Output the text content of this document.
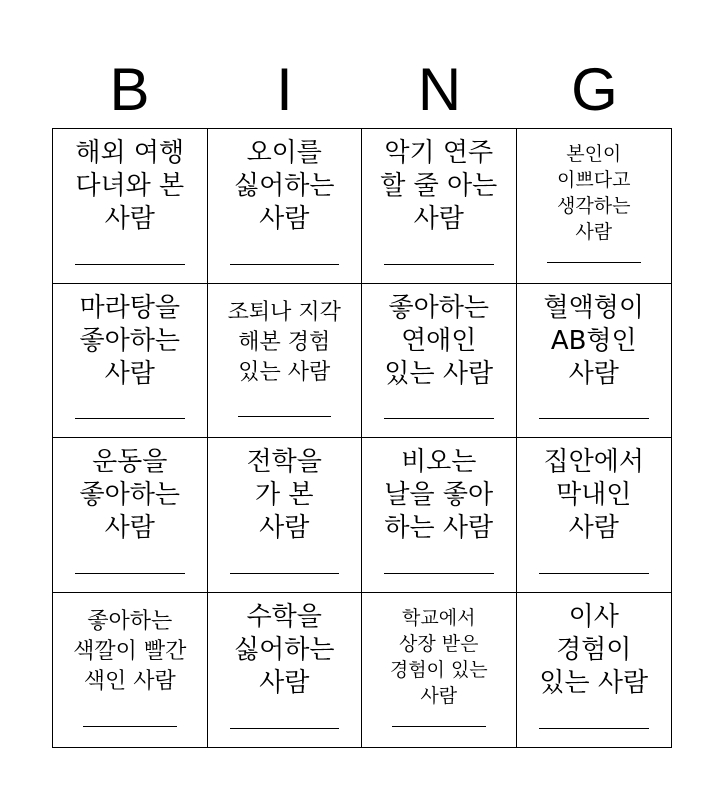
B	I	N	G
해외 여행
다녀와 본
사람
오이를
싫어하는
사람
악기 연주
할 줄 아는
사람
본인이
이쁘다고
생각하는
사람
마라탕을
좋아하는
사람
조퇴나 지각
해본 경험
있는 사람
좋아하는
연애인
있는 사람
혈액형이
AB형인
사람
운동을
좋아하는
사람
전학을
가 본
사람
비오는
날을 좋아
하는 사람
집안에서
막내인
사람
좋아하는
색깔이 빨간
색인 사람
수학을
싫어하는
사람
학교에서
상장 받은
경험이 있는
사람
이사
경험이
있는 사람
